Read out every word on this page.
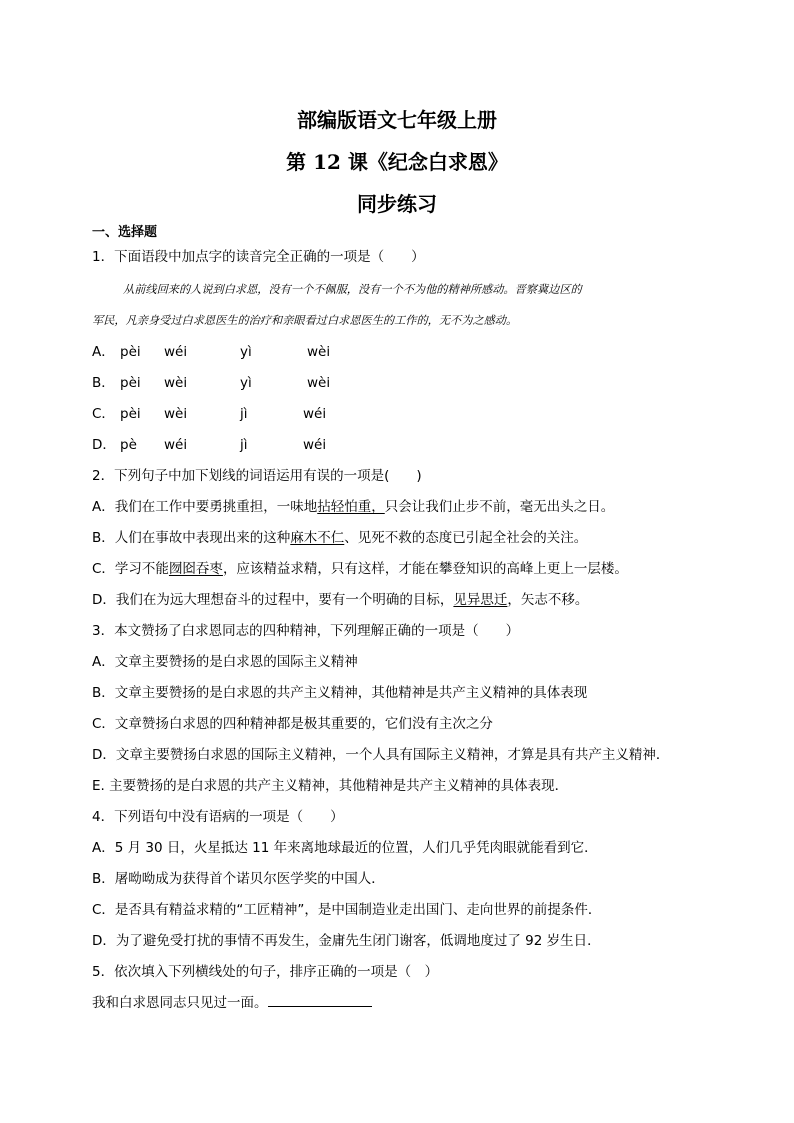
部编版语文七年级上册
第 12 课《纪念白求恩》
同步练习
一、选择题
1．下面语段中加点字的读音完全正确的一项是（　　）
从前线回来的人说到白求恩，没有一个不佩服，没有一个不为他的精神所感动。晋察冀边区的
军民，凡亲身受过白求恩医生的治疗和亲眼看过白求恩医生的工作的，无不为之感动。
A． pèi wéi	yì	wèi
B． pèi wèi	yì	wèi
C． pèi wèi	jì	wéi
D． pè wéi	jì	wéi
2．下列句子中加下划线的词语运用有误的一项是(　　)
A．我们在工作中要勇挑重担，一味地拈轻怕重，只会让我们止步不前，毫无出头之日。
B．人们在事故中表现出来的这种麻木不仁、见死不救的态度已引起全社会的关注。
C．学习不能囫囵吞枣，应该精益求精，只有这样，才能在攀登知识的高峰上更上一层楼。
D．我们在为远大理想奋斗的过程中，要有一个明确的目标，见异思迁，矢志不移。
3．本文赞扬了白求恩同志的四种精神，下列理解正确的一项是（　　）
A．文章主要赞扬的是白求恩的国际主义精神
B．文章主要赞扬的是白求恩的共产主义精神，其他精神是共产主义精神的具体表现
C．文章赞扬白求恩的四种精神都是极其重要的，它们没有主次之分
D．文章主要赞扬白求恩的国际主义精神，一个人具有国际主义精神，才算是具有共产主义精神．
E. 主要赞扬的是白求恩的共产主义精神，其他精神是共产主义精神的具体表现．
4．下列语句中没有语病的一项是（　　）
A．5 月 30 日，火星抵达 11 年来离地球最近的位置，人们几乎凭肉眼就能看到它．
B．屠呦呦成为获得首个诺贝尔医学奖的中国人．
C．是否具有精益求精的“工匠精神”，是中国制造业走出国门、走向世界的前提条件．
D．为了避免受打扰的事情不再发生，金庸先生闭门谢客，低调地度过了 92 岁生日．
5．依次填入下列横线处的句子，排序正确的一项是（　）
我和白求恩同志只见过一面。
